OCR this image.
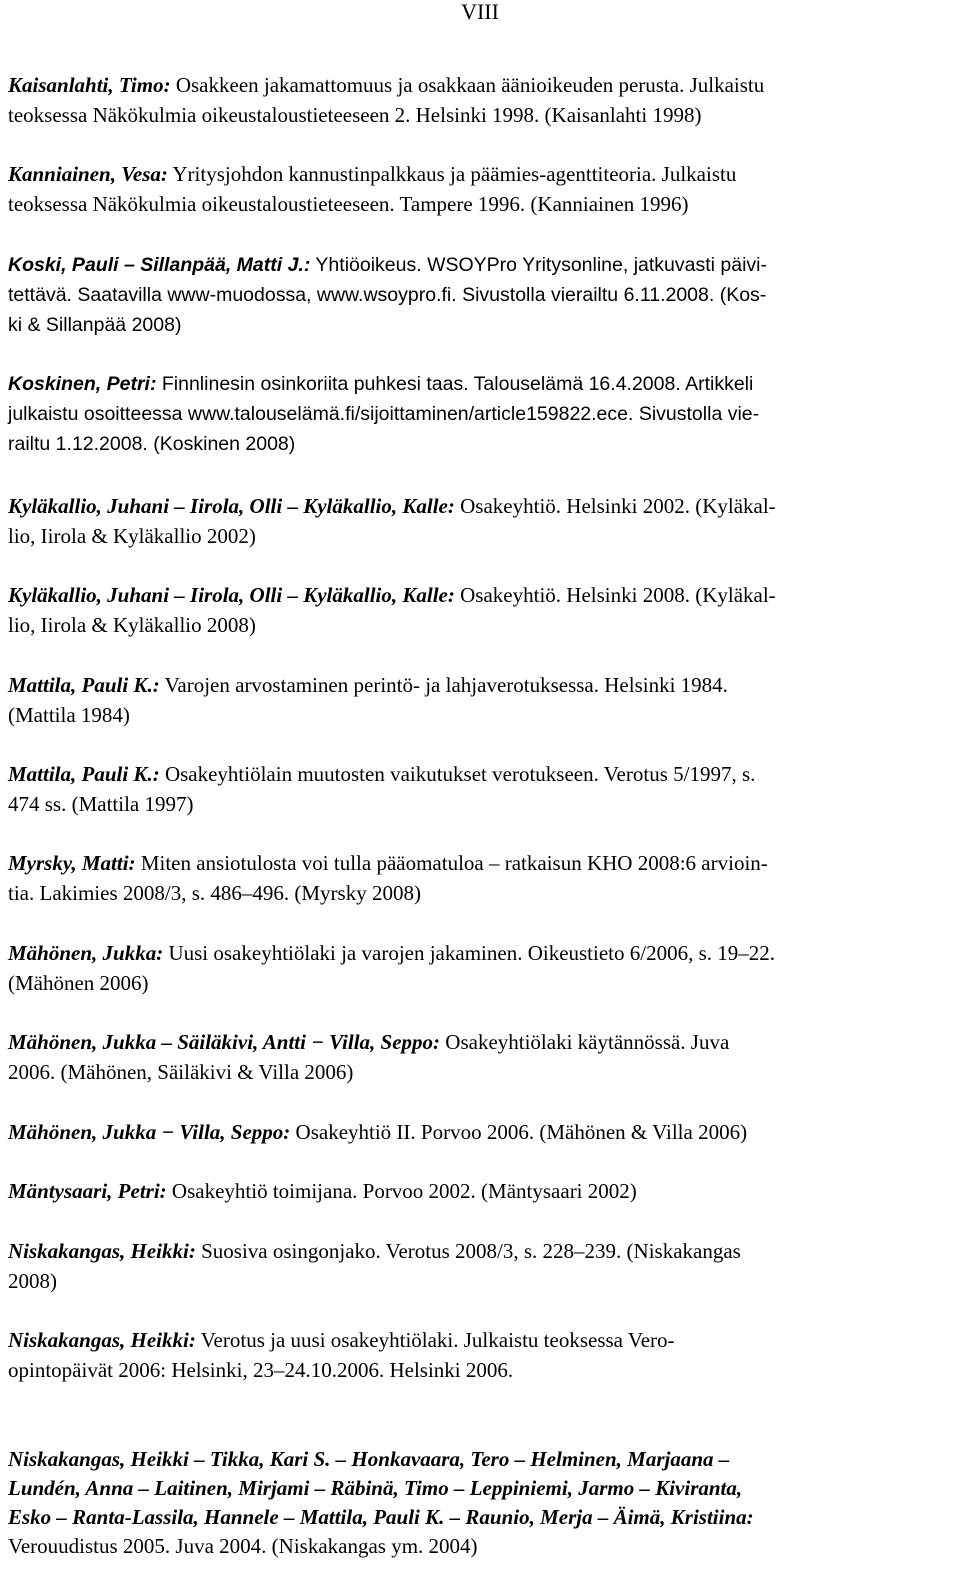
VIII

Kaisanlahti, Timo: Osakkeen jakamattomuus ja osakkaan äänioikeuden perusta. Julkaistu
teoksessa Näkökulmia oikeustaloustieteeseen 2. Helsinki 1998. (Kaisanlahti 1998)

Kanniainen, Vesa: Yritysjohdon kannustinpalkkaus ja päämies-agenttiteoria. Julkaistu
teoksessa Näkökulmia oikeustaloustieteeseen. Tampere 1996. (Kanniainen 1996)

Koski, Pauli – Sillanpää, Matti J.: Yhtiöoikeus. WSOYPro Yritysonline, jatkuvasti päivi-
tettävä. Saatavilla www-muodossa, www.wsoypro.fi. Sivustolla vierailtu 6.11.2008. (Kos-
ki & Sillanpää 2008)

Koskinen, Petri: Finnlinesin osinkoriita puhkesi taas. Talouselämä 16.4.2008. Artikkeli
julkaistu osoitteessa www.talouselämä.fi/sijoittaminen/article159822.ece. Sivustolla vie-
railtu 1.12.2008. (Koskinen 2008)

Kyläkallio, Juhani – Iirola, Olli – Kyläkallio, Kalle: Osakeyhtiö. Helsinki 2002. (Kyläkal-
lio, Iirola & Kyläkallio 2002)

Kyläkallio, Juhani – Iirola, Olli – Kyläkallio, Kalle: Osakeyhtiö. Helsinki 2008. (Kyläkal-
lio, Iirola & Kyläkallio 2008)

Mattila, Pauli K.: Varojen arvostaminen perintö- ja lahjaverotuksessa. Helsinki 1984.
(Mattila 1984)

Mattila, Pauli K.: Osakeyhtiölain muutosten vaikutukset verotukseen. Verotus 5/1997, s.
474 ss. (Mattila 1997)

Myrsky, Matti: Miten ansiotulosta voi tulla pääomatuloa – ratkaisun KHO 2008:6 arvioin-
tia. Lakimies 2008/3, s. 486–496. (Myrsky 2008)

Mähönen, Jukka: Uusi osakeyhtiölaki ja varojen jakaminen. Oikeustieto 6/2006, s. 19–22.
(Mähönen 2006)

Mähönen, Jukka – Säiläkivi, Antti − Villa, Seppo: Osakeyhtiölaki käytännössä. Juva
2006. (Mähönen, Säiläkivi & Villa 2006)

Mähönen, Jukka − Villa, Seppo: Osakeyhtiö II. Porvoo 2006. (Mähönen & Villa 2006)

Mäntysaari, Petri: Osakeyhtiö toimijana. Porvoo 2002. (Mäntysaari 2002)

Niskakangas, Heikki: Suosiva osingonjako. Verotus 2008/3, s. 228–239. (Niskakangas
2008)

Niskakangas, Heikki: Verotus ja uusi osakeyhtiölaki. Julkaistu teoksessa Vero-
opintopäivät 2006: Helsinki, 23–24.10.2006. Helsinki 2006.

Niskakangas, Heikki – Tikka, Kari S. – Honkavaara, Tero – Helminen, Marjaana –
Lundén, Anna – Laitinen, Mirjami – Räbinä, Timo – Leppiniemi, Jarmo – Kiviranta,
Esko – Ranta-Lassila, Hannele – Mattila, Pauli K. – Raunio, Merja – Äimä, Kristiina:
Verouudistus 2005. Juva 2004. (Niskakangas ym. 2004)
